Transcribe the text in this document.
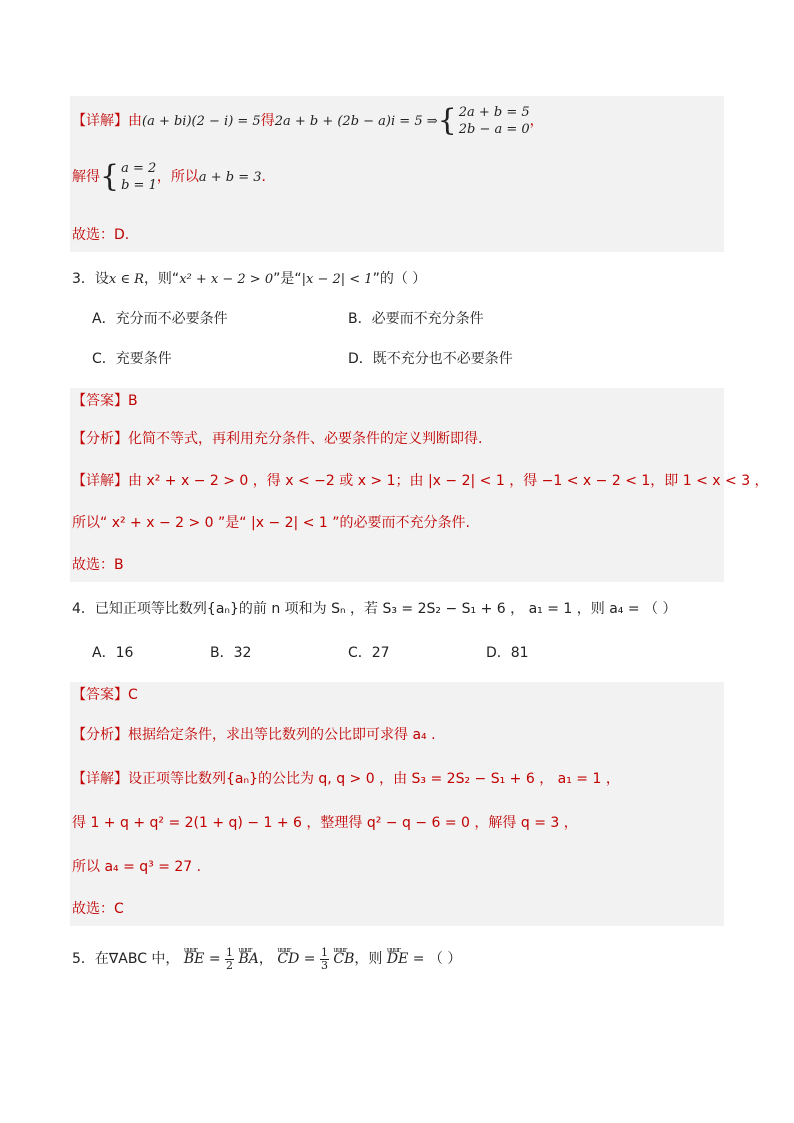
【详解】由(a + bi)(2 − i) = 5得2a + b + (2b − a)i = 5 ⇒{ 2a + b = 5
2b − a = 0
，
解得{ a = 2
b = 1
，所以a + b = 3．
故选：D.
3．设x ∈ R，则“x² + x − 2 > 0”是“|x − 2| < 1”的（ ）
A．充分而不必要条件	B．必要而不充分条件
C．充要条件	D．既不充分也不必要条件
【答案】B
【分析】化简不等式，再利用充分条件、必要条件的定义判断即得.
【详解】由 x² + x − 2 > 0 ，得 x < −2 或 x > 1；由 |x − 2| < 1 ，得 −1 < x − 2 < 1，即 1 < x < 3 ，
所以“ x² + x − 2 > 0 ”是“ |x − 2| < 1 ”的必要而不充分条件.
故选：B
4．已知正项等比数列{aₙ}的前 n 项和为 Sₙ ，若 S₃ = 2S₂ − S₁ + 6 ， a₁ = 1 ，则 a₄ = （ ）
A．16	B．32	C．27	D．81
【答案】C
【分析】根据给定条件，求出等比数列的公比即可求得 a₄ .
【详解】设正项等比数列{aₙ}的公比为 q, q > 0 ，由 S₃ = 2S₂ − S₁ + 6 ， a₁ = 1 ，
得 1 + q + q² = 2(1 + q) − 1 + 6 ，整理得 q² − q − 6 = 0 ，解得 q = 3 ，
所以 a₄ = q³ = 27 .
故选：C
5．在∇ABC 中， uuur BE = $\frac{1}{2}$ uuur BA， uuur CD = $\frac{1}{3}$ uuur CB，则 uuur DE = （ ）
